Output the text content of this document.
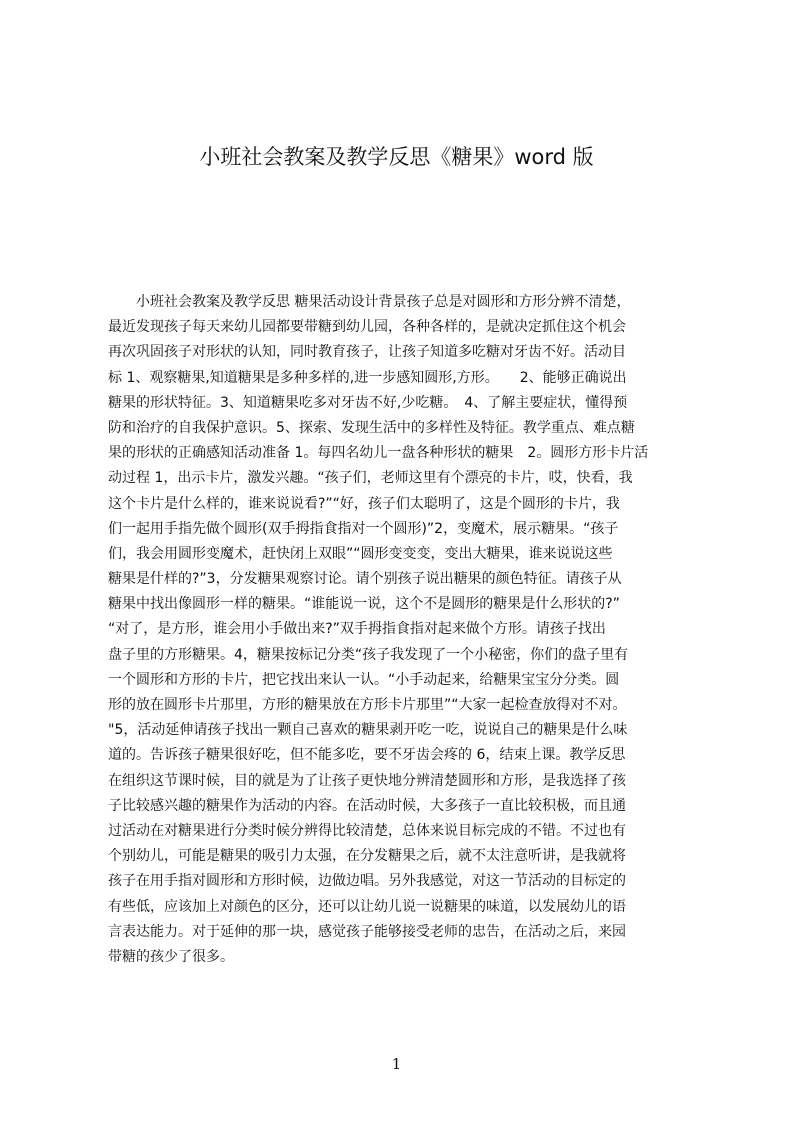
小班社会教案及教学反思《糖果》word 版
　　小班社会教案及教学反思 糖果活动设计背景孩子总是对圆形和方形分辨不清楚，
最近发现孩子每天来幼儿园都要带糖到幼儿园，各种各样的，是就决定抓住这个机会
再次巩固孩子对形状的认知，同时教育孩子，让孩子知道多吃糖对牙齿不好。活动目
标 1、观察糖果,知道糖果是多种多样的,进一步感知圆形,方形。　　2、能够正确说出
糖果的形状特征。3、知道糖果吃多对牙齿不好,少吃糖。　4、了解主要症状，懂得预
防和治疗的自我保护意识。5、探索、发现生活中的多样性及特征。教学重点、难点糖
果的形状的正确感知活动准备 1。每四名幼儿一盘各种形状的糖果　2。圆形方形卡片活
动过程 1，出示卡片，激发兴趣。“孩子们，老师这里有个漂亮的卡片，哎，快看，我
这个卡片是什么样的，谁来说说看?”“好，孩子们太聪明了，这是个圆形的卡片，我
们一起用手指先做个圆形(双手拇指食指对一个圆形)”2，变魔术，展示糖果。“孩子
们，我会用圆形变魔术，赶快闭上双眼”“圆形变变变，变出大糖果，谁来说说这些
糖果是什样的?”3，分发糖果观察讨论。请个别孩子说出糖果的颜色特征。请孩子从
糖果中找出像圆形一样的糖果。“谁能说一说，这个不是圆形的糖果是什么形状的?”
“对了，是方形，谁会用小手做出来?”双手拇指食指对起来做个方形。请孩子找出
盘子里的方形糖果。4，糖果按标记分类“孩子我发现了一个小秘密，你们的盘子里有
一个圆形和方形的卡片，把它找出来认一认。“小手动起来，给糖果宝宝分分类。圆
形的放在圆形卡片那里，方形的糖果放在方形卡片那里”“大家一起检查放得对不对。
"5，活动延伸请孩子找出一颗自己喜欢的糖果剥开吃一吃，说说自己的糖果是什么味
道的。告诉孩子糖果很好吃，但不能多吃，要不牙齿会疼的 6，结束上课。教学反思
在组织这节课时候，目的就是为了让孩子更快地分辨清楚圆形和方形，是我选择了孩
子比较感兴趣的糖果作为活动的内容。在活动时候，大多孩子一直比较积极，而且通
过活动在对糖果进行分类时候分辨得比较清楚，总体来说目标完成的不错。不过也有
个别幼儿，可能是糖果的吸引力太强，在分发糖果之后，就不太注意听讲，是我就将
孩子在用手指对圆形和方形时候，边做边唱。另外我感觉，对这一节活动的目标定的
有些低，应该加上对颜色的区分，还可以让幼儿说一说糖果的味道，以发展幼儿的语
言表达能力。对于延伸的那一块，感觉孩子能够接受老师的忠告，在活动之后，来园
带糖的孩少了很多。
1
